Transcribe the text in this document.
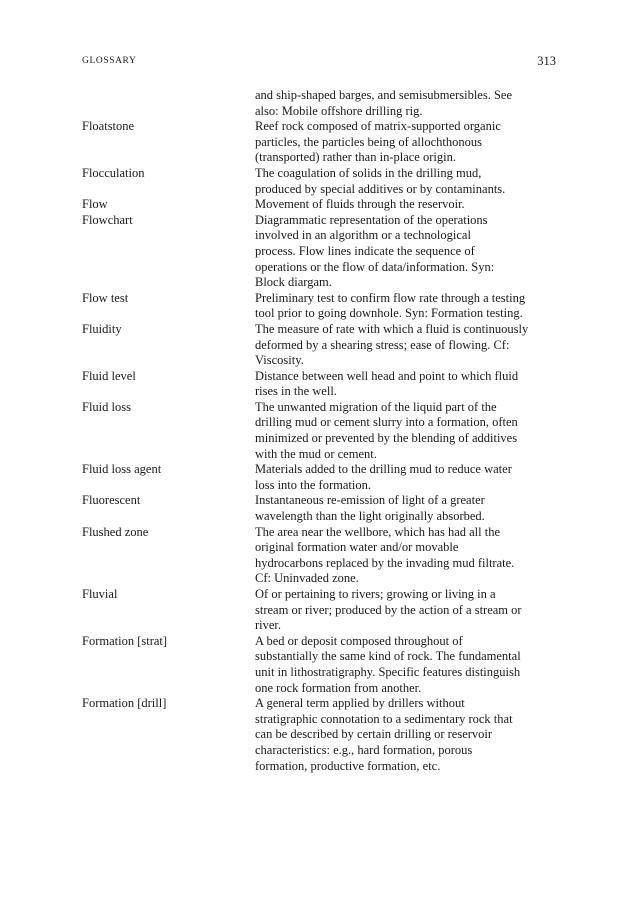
GLOSSARY	313
and ship-shaped barges, and semisubmersibles. See
also: Mobile offshore drilling rig.
Floatstone	Reef rock composed of matrix-supported organic
particles, the particles being of allochthonous
(transported) rather than in-place origin.
Flocculation	The coagulation of solids in the drilling mud,
produced by special additives or by contaminants.
Flow	Movement of fluids through the reservoir.
Flowchart	Diagrammatic representation of the operations
involved in an algorithm or a technological
process. Flow lines indicate the sequence of
operations or the flow of data/information. Syn:
Block diargam.
Flow test	Preliminary test to confirm flow rate through a testing
tool prior to going downhole. Syn: Formation testing.
Fluidity	The measure of rate with which a fluid is continuously
deformed by a shearing stress; ease of flowing. Cf:
Viscosity.
Fluid level	Distance between well head and point to which fluid
rises in the well.
Fluid loss	The unwanted migration of the liquid part of the
drilling mud or cement slurry into a formation, often
minimized or prevented by the blending of additives
with the mud or cement.
Fluid loss agent	Materials added to the drilling mud to reduce water
loss into the formation.
Fluorescent	Instantaneous re-emission of light of a greater
wavelength than the light originally absorbed.
Flushed zone	The area near the wellbore, which has had all the
original formation water and/or movable
hydrocarbons replaced by the invading mud filtrate.
Cf: Uninvaded zone.
Fluvial	Of or pertaining to rivers; growing or living in a
stream or river; produced by the action of a stream or
river.
Formation [strat]	A bed or deposit composed throughout of
substantially the same kind of rock. The fundamental
unit in lithostratigraphy. Specific features distinguish
one rock formation from another.
Formation [drill]	A general term applied by drillers without
stratigraphic connotation to a sedimentary rock that
can be described by certain drilling or reservoir
characteristics: e.g., hard formation, porous
formation, productive formation, etc.
